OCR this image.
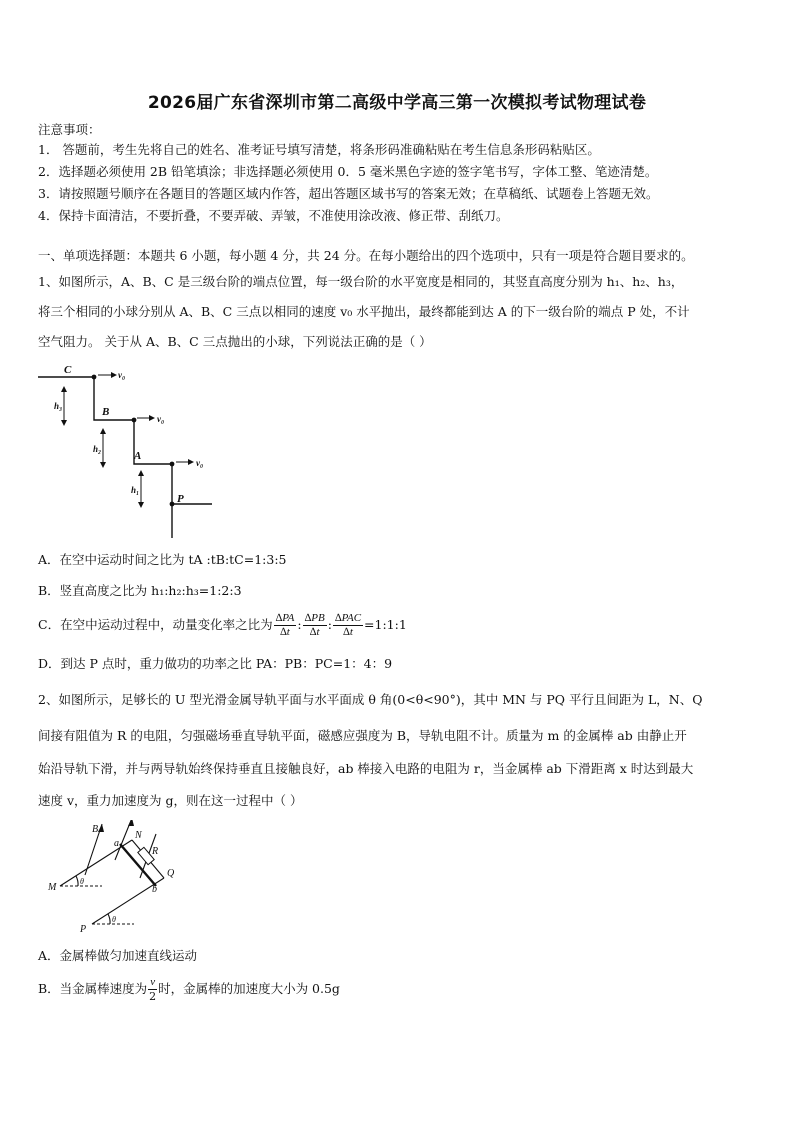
2026届广东省深圳市第二高级中学高三第一次模拟考试物理试卷
注意事项：
1． 答题前，考生先将自己的姓名、准考证号填写清楚，将条形码准确粘贴在考生信息条形码粘贴区。
2．选择题必须使用 2B 铅笔填涂；非选择题必须使用 0．5 毫米黑色字迹的签字笔书写，字体工整、笔迹清楚。
3．请按照题号顺序在各题目的答题区域内作答，超出答题区域书写的答案无效；在草稿纸、试题卷上答题无效。
4．保持卡面清洁，不要折叠，不要弄破、弄皱，不准使用涂改液、修正带、刮纸刀。
一、单项选择题：本题共 6 小题，每小题 4 分，共 24 分。在每小题给出的四个选项中，只有一项是符合题目要求的。
1、如图所示，A、B、C 是三级台阶的端点位置，每一级台阶的水平宽度是相同的，其竖直高度分别为 h₁、h₂、h₃，
将三个相同的小球分别从 A、B、C 三点以相同的速度 v₀ 水平抛出，最终都能到达 A 的下一级台阶的端点 P 处，不计
空气阻力。 关于从 A、B、C 三点抛出的小球，下列说法正确的是（ ）
C
B
A
P
v₀
v₀
v₀
h₃
h₂
h₁
A．在空中运动时间之比为 tA :tB:tC=1:3:5
B．竖直高度之比为 h₁:h₂:h₃=1:2:3
C．在空中运动过程中，动量变化率之比为 $\frac{\Delta PA}{\Delta t}$ : $\frac{\Delta PB}{\Delta t}$ : $\frac{\text{∆PAC}}{\Delta t}$ =1:1:1
D．到达 P 点时，重力做功的功率之比 PA：PB：PC=1：4：9
2、如图所示，足够长的 U 型光滑金属导轨平面与水平面成 θ 角(0<θ<90°)，其中 MN 与 PQ 平行且间距为 L，N、Q
间接有阻值为 R 的电阻，匀强磁场垂直导轨平面，磁感应强度为 B，导轨电阻不计。质量为 m 的金属棒 ab 由静止开
始沿导轨下滑，并与两导轨始终保持垂直且接触良好，ab 棒接入电路的电阻为 r，当金属棒 ab 下滑距离 x 时达到最大
速度 v，重力加速度为 g，则在这一过程中（ ）
B
a
N
R
Q
b
M
θ
P
θ
A．金属棒做匀加速直线运动
B．当金属棒速度为 $\frac{v}{2}$ 时，金属棒的加速度大小为 0.5g
